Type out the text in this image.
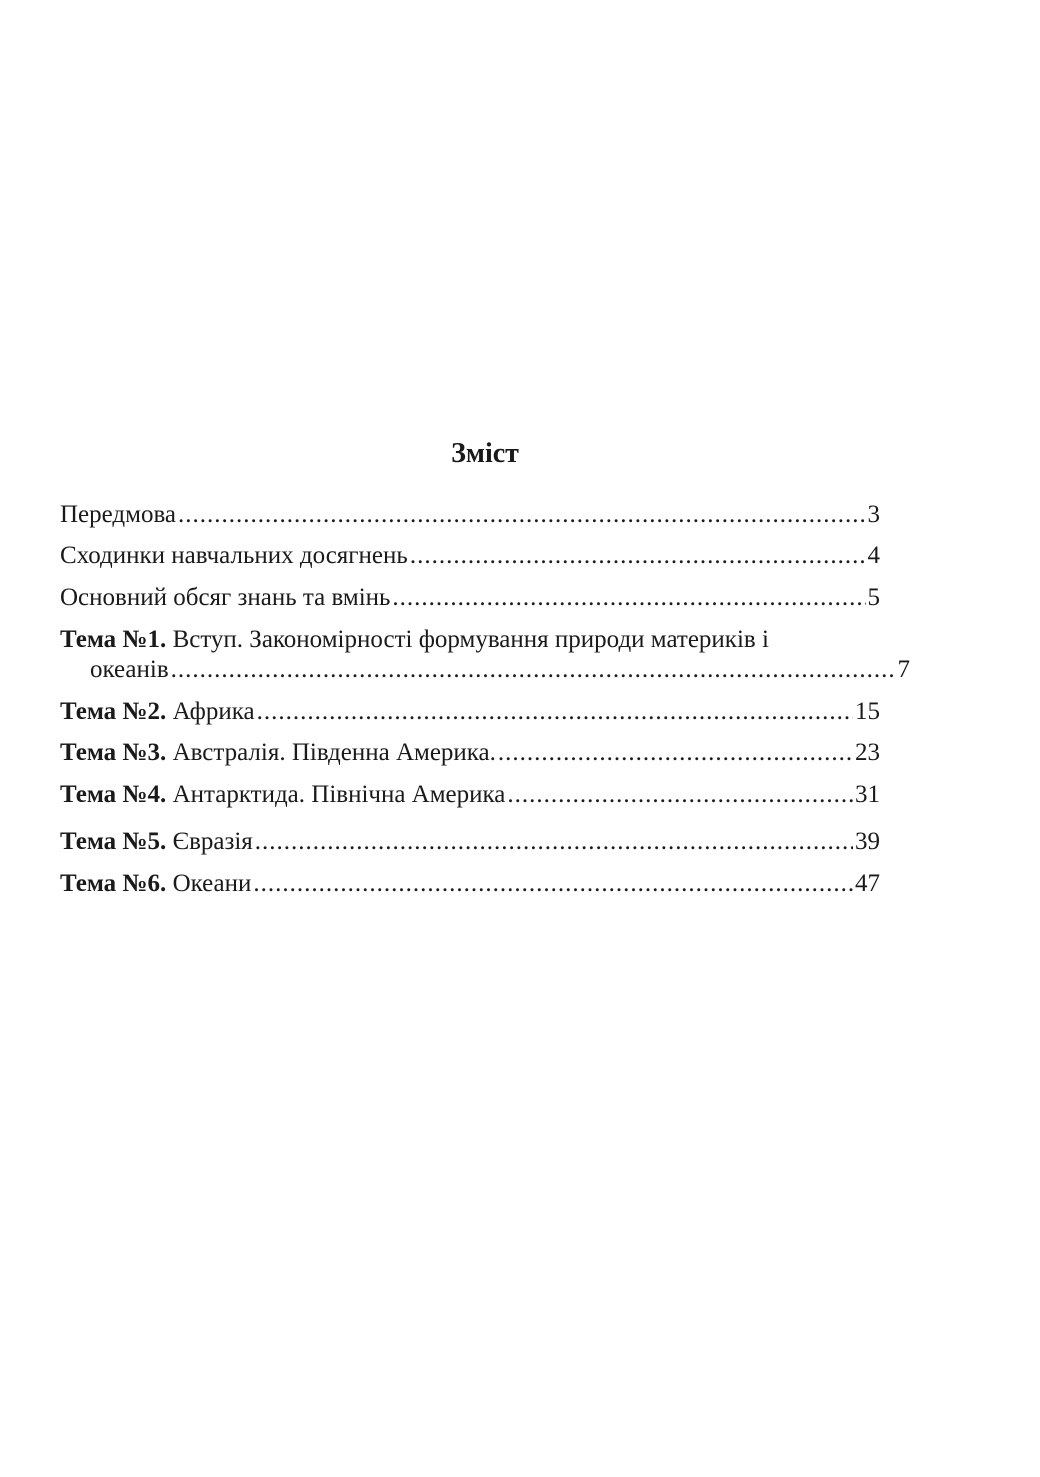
Зміст
Передмова .....	3
Сходинки навчальних досягнень .....	4
Основний обсяг знань та вмінь .....	5
Тема №1. Вступ. Закономірності формування природи материків і
океанів .....	7
Тема №2. Африка .....	15
Тема №3. Австралія. Південна Америка. .....	23
Тема №4. Антарктида. Північна Америка .....	31
Тема №5. Євразія .....	39
Тема №6. Океани .....	47
